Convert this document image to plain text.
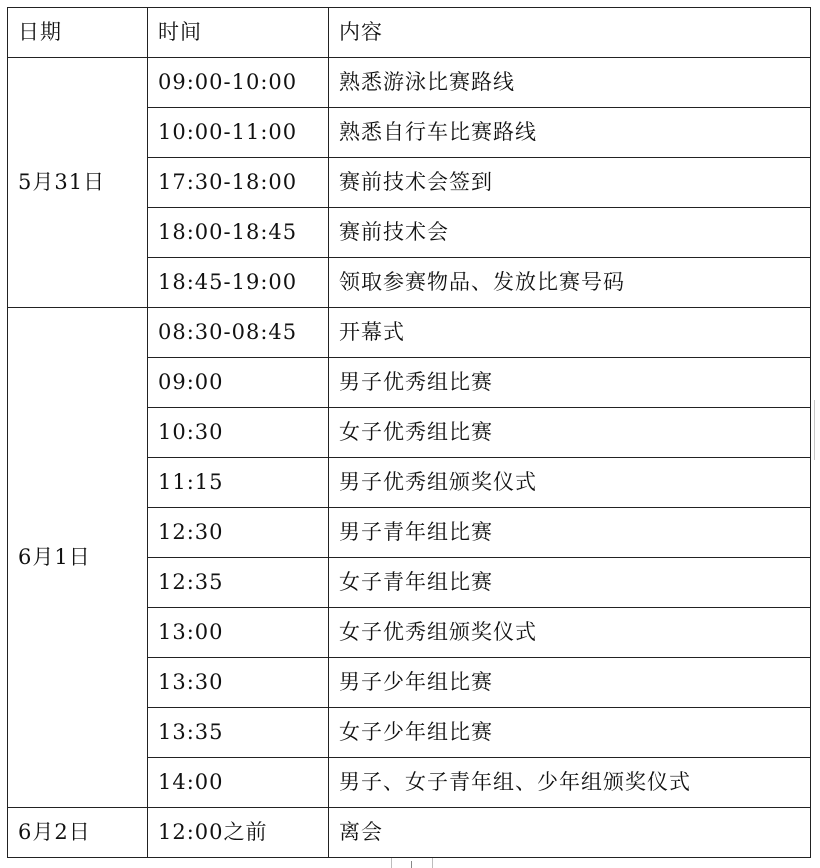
日期	时间	内容
5月31日	09:00-10:00	熟悉游泳比赛路线
	10:00-11:00	熟悉自行车比赛路线
	17:30-18:00	赛前技术会签到
	18:00-18:45	赛前技术会
	18:45-19:00	领取参赛物品、发放比赛号码
6月1日	08:30-08:45	开幕式
	09:00	男子优秀组比赛
	10:30	女子优秀组比赛
	11:15	男子优秀组颁奖仪式
	12:30	男子青年组比赛
	12:35	女子青年组比赛
	13:00	女子优秀组颁奖仪式
	13:30	男子少年组比赛
	13:35	女子少年组比赛
	14:00	男子、女子青年组、少年组颁奖仪式
6月2日	12:00之前	离会
